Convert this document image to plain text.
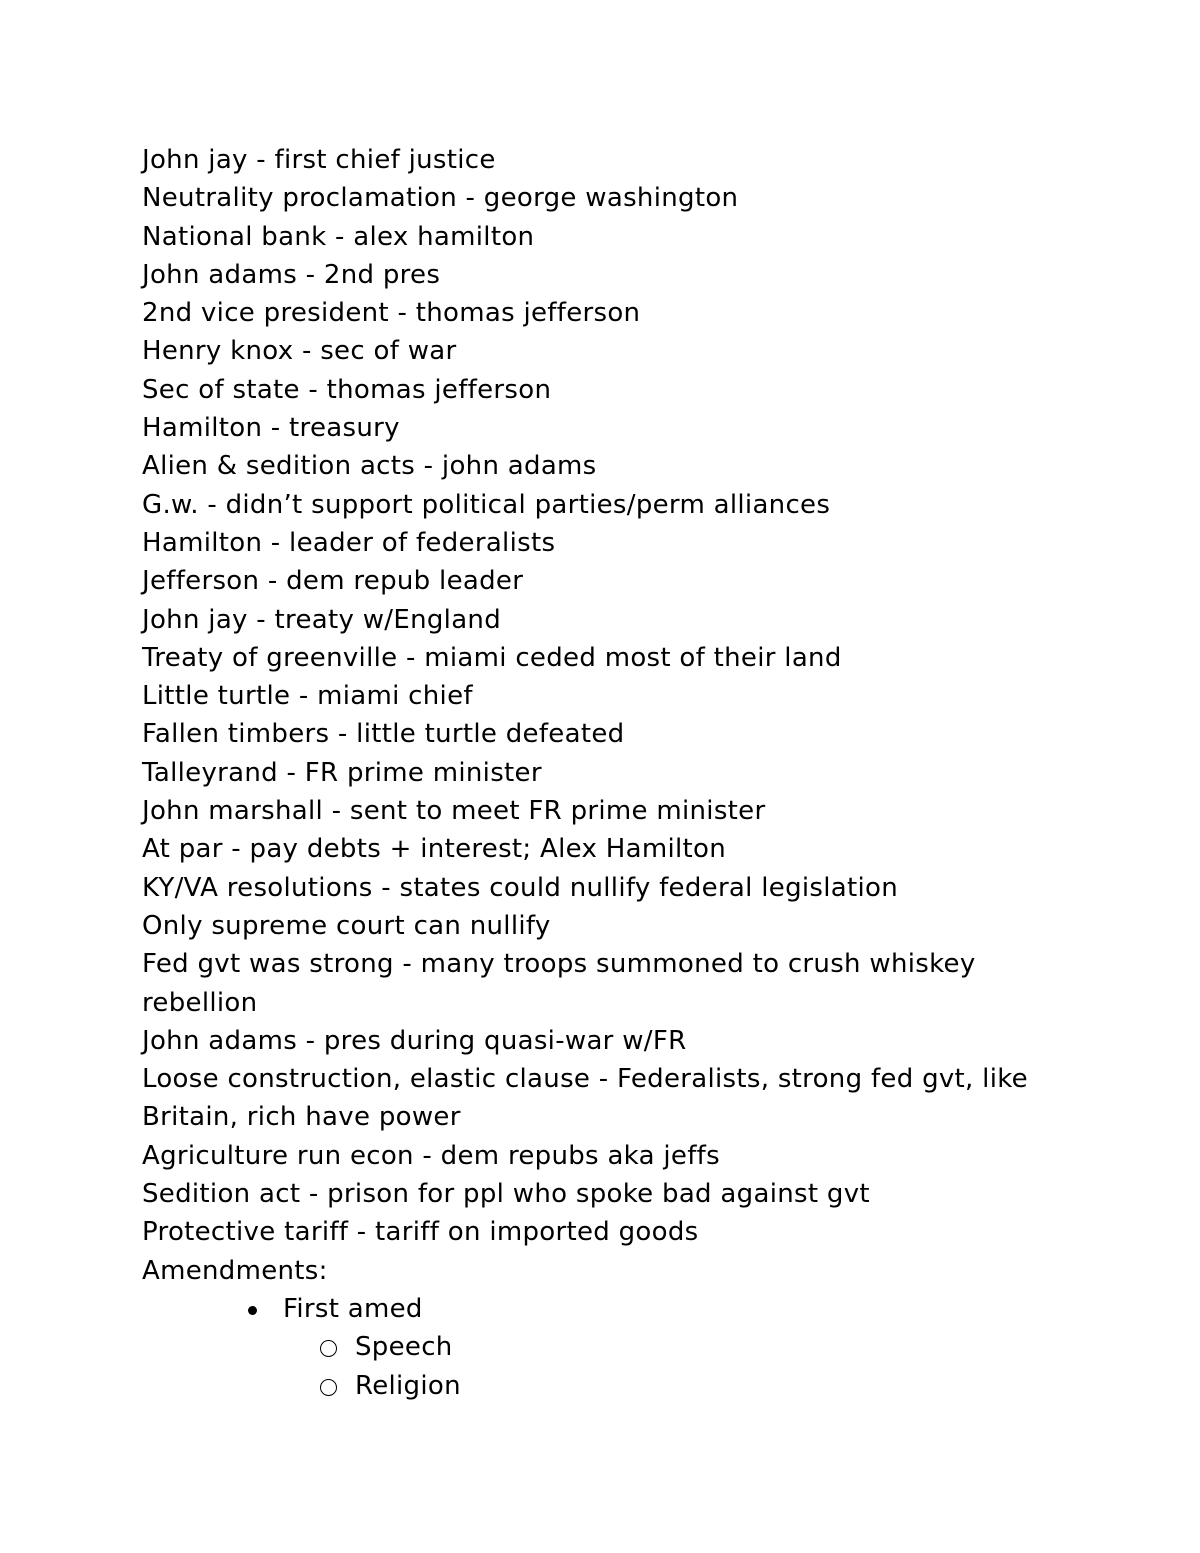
John jay - first chief justice

Neutrality proclamation - george washington

National bank - alex hamilton

John adams - 2nd pres

2nd vice president - thomas jefferson

Henry knox - sec of war

Sec of state - thomas jefferson

Hamilton - treasury

Alien & sedition acts - john adams

G.w. - didn’t support political parties/perm alliances

Hamilton - leader of federalists

Jefferson - dem repub leader

John jay - treaty w/England

Treaty of greenville - miami ceded most of their land

Little turtle - miami chief

Fallen timbers - little turtle defeated

Talleyrand - FR prime minister

John marshall - sent to meet FR prime minister

At par - pay debts + interest; Alex Hamilton

KY/VA resolutions - states could nullify federal legislation

Only supreme court can nullify

Fed gvt was strong - many troops summoned to crush whiskey rebellion

John adams - pres during quasi-war w/FR

Loose construction, elastic clause - Federalists, strong fed gvt, like Britain, rich have power

Agriculture run econ - dem repubs aka jeffs

Sedition act - prison for ppl who spoke bad against gvt

Protective tariff - tariff on imported goods

Amendments:

First amed
Speech
Religion
